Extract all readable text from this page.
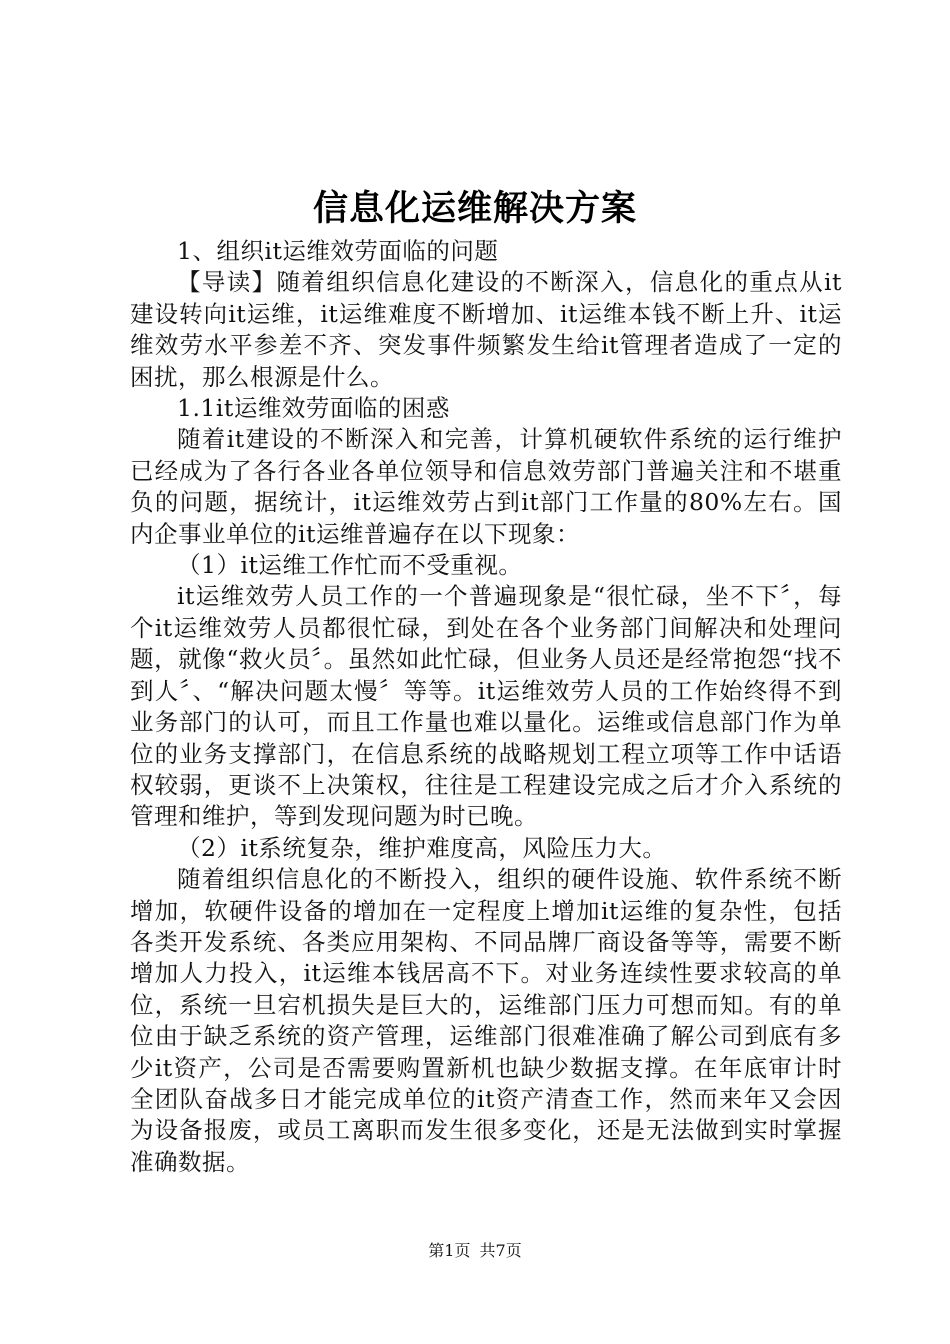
信息化运维解决方案

1、组织it运维效劳面临的问题

【导读】随着组织信息化建设的不断深入，信息化的重点从it建设转向it运维，it运维难度不断增加、it运维本钱不断上升、it运维效劳水平参差不齐、突发事件频繁发生给it管理者造成了一定的困扰，那么根源是什么。

1.1it运维效劳面临的困惑

随着it建设的不断深入和完善，计算机硬软件系统的运行维护已经成为了各行各业各单位领导和信息效劳部门普遍关注和不堪重负的问题，据统计，it运维效劳占到it部门工作量的80%左右。国内企事业单位的it运维普遍存在以下现象：

（1）it运维工作忙而不受重视。

it运维效劳人员工作的一个普遍现象是“很忙碌，坐不下〞，每个it运维效劳人员都很忙碌，到处在各个业务部门间解决和处理问题，就像“救火员〞。虽然如此忙碌，但业务人员还是经常抱怨“找不到人〞、“解决问题太慢〞等等。it运维效劳人员的工作始终得不到业务部门的认可，而且工作量也难以量化。运维或信息部门作为单位的业务支撑部门，在信息系统的战略规划工程立项等工作中话语权较弱，更谈不上决策权，往往是工程建设完成之后才介入系统的管理和维护，等到发现问题为时已晚。

（2）it系统复杂，维护难度高，风险压力大。

随着组织信息化的不断投入，组织的硬件设施、软件系统不断增加，软硬件设备的增加在一定程度上增加it运维的复杂性，包括各类开发系统、各类应用架构、不同品牌厂商设备等等，需要不断增加人力投入，it运维本钱居高不下。对业务连续性要求较高的单位，系统一旦宕机损失是巨大的，运维部门压力可想而知。有的单位由于缺乏系统的资产管理，运维部门很难准确了解公司到底有多少it资产，公司是否需要购置新机也缺少数据支撑。在年底审计时全团队奋战多日才能完成单位的it资产清查工作，然而来年又会因为设备报废，或员工离职而发生很多变化，还是无法做到实时掌握准确数据。

第1页 共7页
